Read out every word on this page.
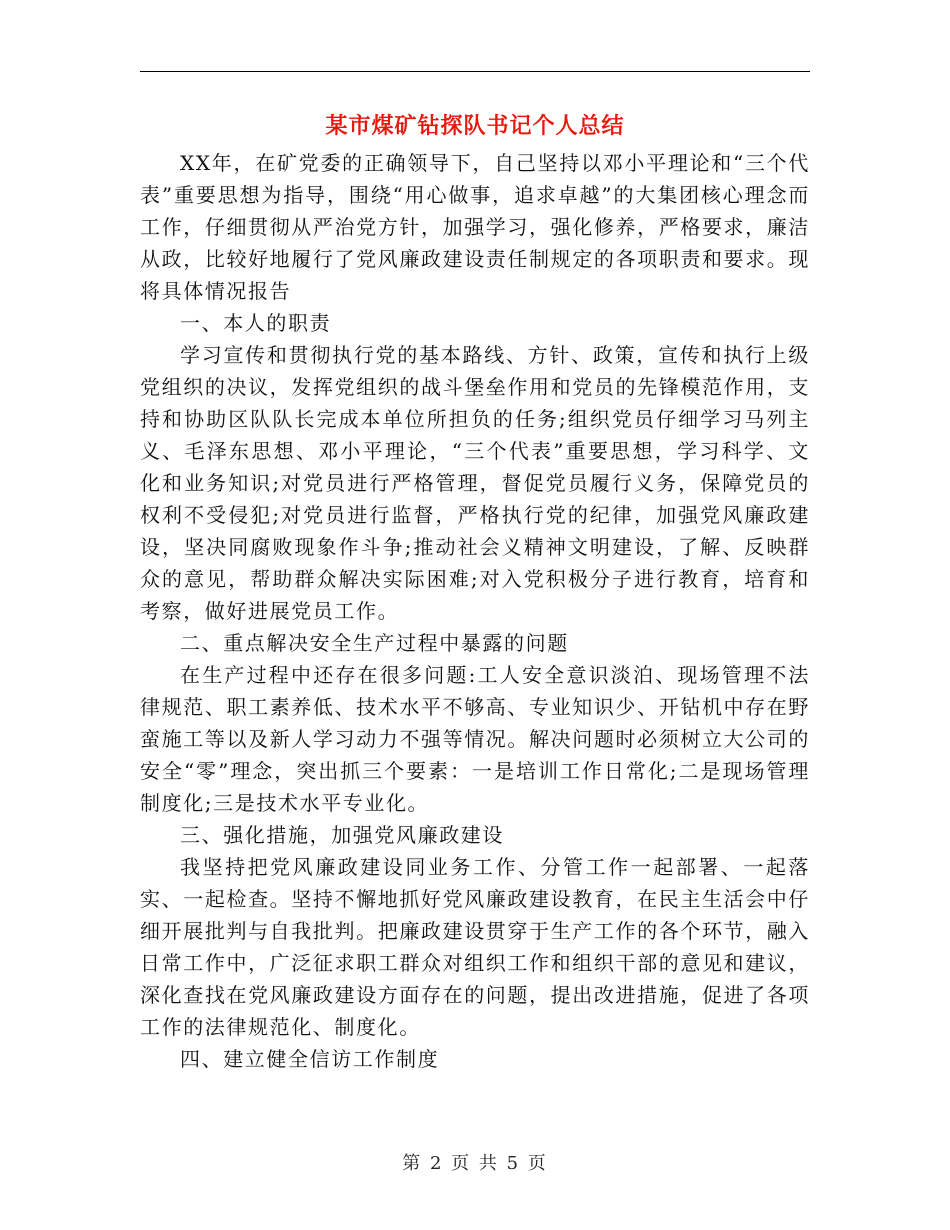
某市煤矿钻探队书记个人总结

XX年，在矿党委的正确领导下，自己坚持以邓小平理论和“三个代表”重要思想为指导，围绕“用心做事，追求卓越”的大集团核心理念而工作，仔细贯彻从严治党方针，加强学习，强化修养，严格要求，廉洁从政，比较好地履行了党风廉政建设责任制规定的各项职责和要求。现将具体情况报告

一、本人的职责

学习宣传和贯彻执行党的基本路线、方针、政策，宣传和执行上级党组织的决议，发挥党组织的战斗堡垒作用和党员的先锋模范作用，支持和协助区队队长完成本单位所担负的任务;组织党员仔细学习马列主义、毛泽东思想、邓小平理论，“三个代表”重要思想，学习科学、文化和业务知识;对党员进行严格管理，督促党员履行义务，保障党员的权利不受侵犯;对党员进行监督，严格执行党的纪律，加强党风廉政建设，坚决同腐败现象作斗争;推动社会义精神文明建设，了解、反映群众的意见，帮助群众解决实际困难;对入党积极分子进行教育，培育和考察，做好进展党员工作。

二、重点解决安全生产过程中暴露的问题

在生产过程中还存在很多问题:工人安全意识淡泊、现场管理不法律规范、职工素养低、技术水平不够高、专业知识少、开钻机中存在野蛮施工等以及新人学习动力不强等情况。解决问题时必须树立大公司的安全“零”理念，突出抓三个要素：一是培训工作日常化;二是现场管理制度化;三是技术水平专业化。

三、强化措施，加强党风廉政建设

我坚持把党风廉政建设同业务工作、分管工作一起部署、一起落实、一起检查。坚持不懈地抓好党风廉政建设教育，在民主生活会中仔细开展批判与自我批判。把廉政建设贯穿于生产工作的各个环节，融入日常工作中，广泛征求职工群众对组织工作和组织干部的意见和建议，深化查找在党风廉政建设方面存在的问题，提出改进措施，促进了各项工作的法律规范化、制度化。

四、建立健全信访工作制度

第 2 页 共 5 页
